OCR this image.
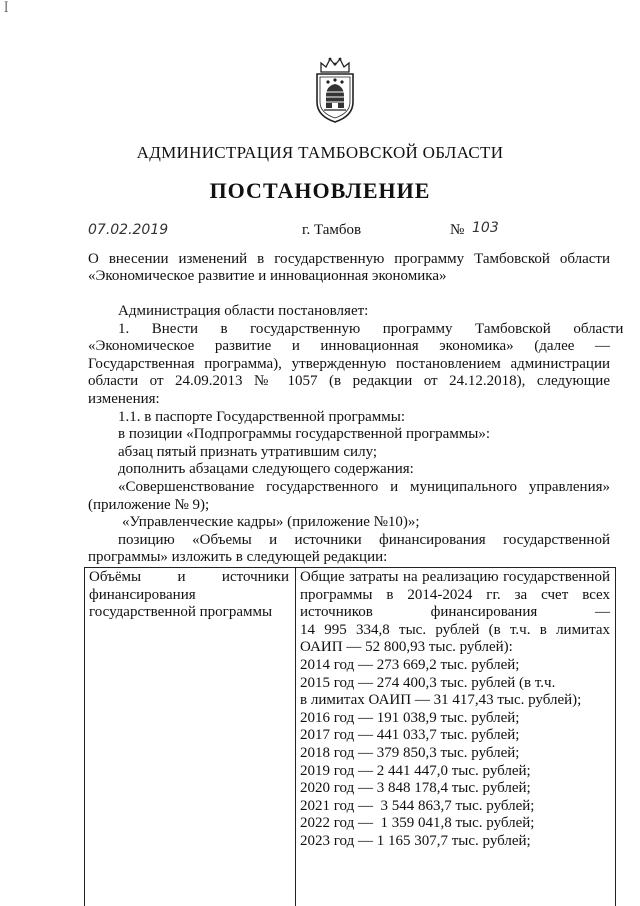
ꟾ
АДМИНИСТРАЦИЯ ТАМБОВСКОЙ ОБЛАСТИ
ПОСТАНОВЛЕНИЕ
07.02.2019	г. Тамбов	№ 103
О внесении изменений в государственную программу Тамбовской области «Экономическое развитие и инновационная экономика»

Администрация области постановляет:

1.      Внести      в      государственную      программу      Тамбовской      области

«Экономическое развитие и инновационная экономика» (далее —

Государственная программа), утвержденную постановлением администрации

области от 24.09.2013 № 1057 (в редакции от 24.12.2018), следующие

изменения:

1.1. в паспорте Государственной программы:

в позиции «Подпрограммы государственной программы»:

абзац пятый признать утратившим силу;

дополнить абзацами следующего содержания:

«Совершенствование государственного и муниципального управления»

(приложение № 9);

«Управленческие кадры» (приложение №10)»;

позицию «Объемы и источники финансирования государственной

программы» изложить в следующей редакции:

Объёмы и источники
финансирования
государственной программы
Общие затраты на реализацию государственной
программы в 2014-2024 гг. за счет всех
источников финансирования —
14 995 334,8 тыс. рублей (в т.ч. в лимитах
ОАИП — 52 800,93 тыс. рублей):
2014 год — 273 669,2 тыс. рублей;
2015 год — 274 400,3 тыс. рублей (в т.ч.
в лимитах ОАИП — 31 417,43 тыс. рублей);
2016 год — 191 038,9 тыс. рублей;
2017 год — 441 033,7 тыс. рублей;
2018 год — 379 850,3 тыс. рублей;
2019 год — 2 441 447,0 тыс. рублей;
2020 год — 3 848 178,4 тыс. рублей;
2021 год —  3 544 863,7 тыс. рублей;
2022 год —  1 359 041,8 тыс. рублей;
2023 год — 1 165 307,7 тыс. рублей;
